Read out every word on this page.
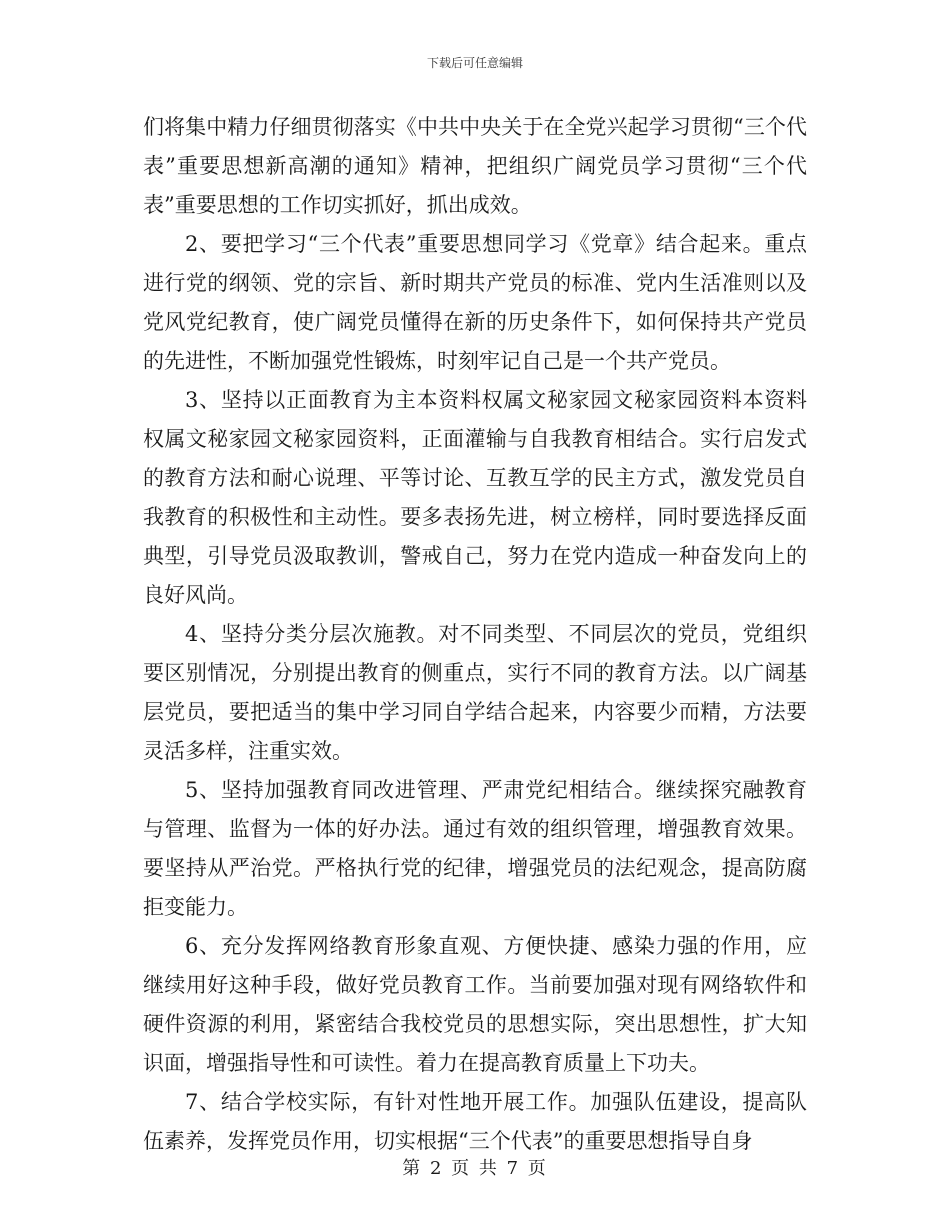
下载后可任意编辑

们将集中精力仔细贯彻落实《中共中央关于在全党兴起学习贯彻“三个代表”重要思想新高潮的通知》精神，把组织广阔党员学习贯彻“三个代表”重要思想的工作切实抓好，抓出成效。

2、要把学习“三个代表”重要思想同学习《党章》结合起来。重点进行党的纲领、党的宗旨、新时期共产党员的标准、党内生活准则以及党风党纪教育，使广阔党员懂得在新的历史条件下，如何保持共产党员的先进性，不断加强党性锻炼，时刻牢记自己是一个共产党员。

3、坚持以正面教育为主本资料权属文秘家园文秘家园资料本资料权属文秘家园文秘家园资料，正面灌输与自我教育相结合。实行启发式的教育方法和耐心说理、平等讨论、互教互学的民主方式，激发党员自我教育的积极性和主动性。要多表扬先进，树立榜样，同时要选择反面典型，引导党员汲取教训，警戒自己，努力在党内造成一种奋发向上的良好风尚。

4、坚持分类分层次施教。对不同类型、不同层次的党员，党组织要区别情况，分别提出教育的侧重点，实行不同的教育方法。以广阔基层党员，要把适当的集中学习同自学结合起来，内容要少而精，方法要灵活多样，注重实效。

5、坚持加强教育同改进管理、严肃党纪相结合。继续探究融教育与管理、监督为一体的好办法。通过有效的组织管理，增强教育效果。要坚持从严治党。严格执行党的纪律，增强党员的法纪观念，提高防腐拒变能力。

6、充分发挥网络教育形象直观、方便快捷、感染力强的作用，应继续用好这种手段，做好党员教育工作。当前要加强对现有网络软件和硬件资源的利用，紧密结合我校党员的思想实际，突出思想性，扩大知识面，增强指导性和可读性。着力在提高教育质量上下功夫。

7、结合学校实际，有针对性地开展工作。加强队伍建设，提高队伍素养，发挥党员作用，切实根据“三个代表”的重要思想指导自身

第 2 页 共 7 页
